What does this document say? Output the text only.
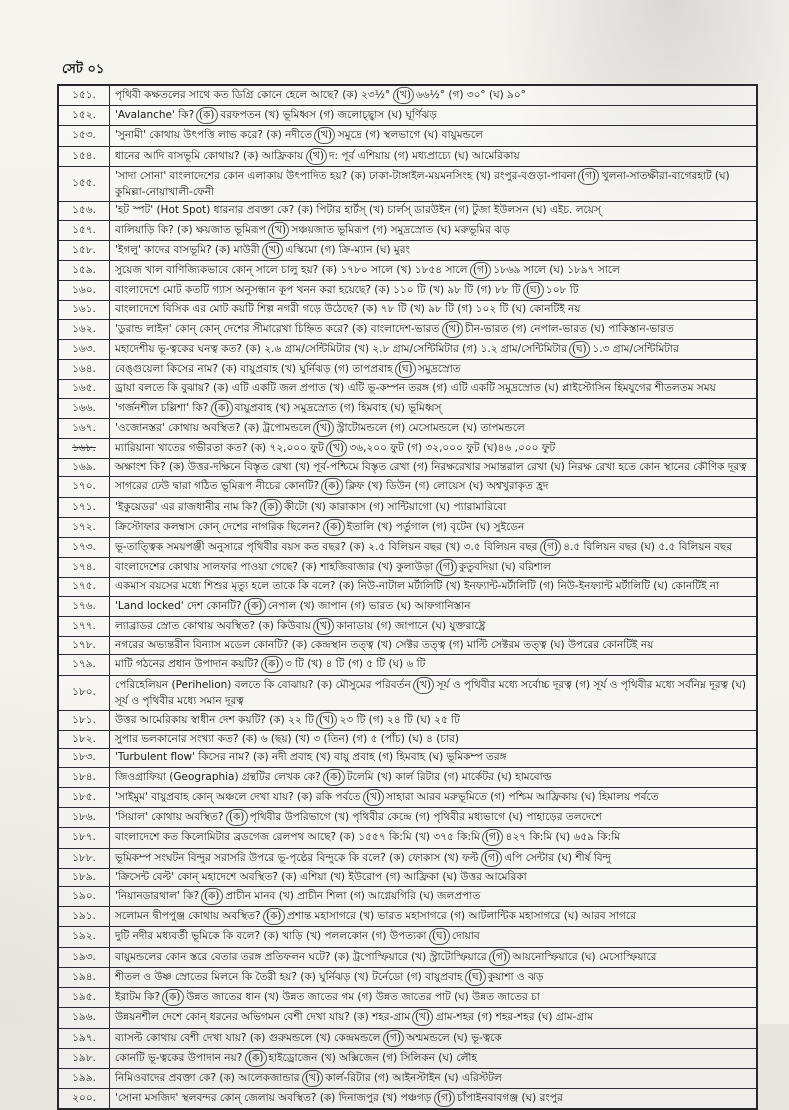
সেট ০১
১৫১.	পৃথিবী কক্ষতলের সাথে কত ডিগ্রি কোনে হেলে আছে? (ক) ২৩½° (খ) ৬৬½° (গ) ৩০° (ঘ) ৯০°
১৫২.	'Avalanche' কি? (ক) বরফপতন (খ) ভূমিধ্বস (গ) জলোচ্ছ্বাস (ঘ) ঘূর্ণিঝড়
১৫৩.	'সুনামী' কোথায় উৎপত্তি লাভ করে? (ক) নদীতে (খ) সমুদ্রে (গ) স্থলভাগে (ঘ) বায়ুমন্ডলে
১৫৪.	ধানের আদি বাসভূমি কোথায়? (ক) আফ্রিকায় (খ) দ: পূর্ব এশিয়ায় (গ) মধ্যপ্রাচ্যে (ঘ) আমেরিকায়
১৫৫.	'সাদা সোনা' বাংলাদেশের কোন এলাকায় উৎপাদিত হয়? (ক) ঢাকা-টাঙ্গাইল-ময়মনসিংহ (খ) রংপুর-বগুড়া-পাবনা (গ) খুলনা-সাতক্ষীরা-বাগেরহাট (ঘ) কুমিল্লা-নোয়াখালী-ফেনী
১৫৬.	'হট স্পট' (Hot Spot) ধারনার প্রবক্তা কে? (ক) পিটার হার্টস্ (খ) চার্লস্ ডারউইন (গ) টুজা ইউলসন (ঘ) এইচ. লয়েস্
১৫৭.	বালিয়াড়ি কি? (ক) ক্ষয়জাত ভূমিরূপ (খ) সঞ্চয়জাত ভূমিরূপ (গ) সমুদ্রস্রোত (ঘ) মরুভূমির ঝড়
১৫৮.	'ইগলু' কাদের বাসভূমি? (ক) মাউরী (খ) এস্কিমো (গ) ক্রি-ম্যান (ঘ) মুরং
১৫৯.	সুয়েজ খাল বাণিজ্যিকভাবে কোন্ সালে চালু হয়? (ক) ১৭৮০ সালে (খ) ১৮৫৪ সালে (গ) ১৮৬৯ সালে (ঘ) ১৮৯৭ সালে
১৬০.	বাংলাদেশে মোট কতটি গ্যাস অনুসন্ধান কূপ খনন করা হয়েছে? (ক) ১১০ টি (খ) ৯৮ টি (গ) ৮৮ টি (ঘ) ১০৮ টি
১৬১.	বাংলাদেশে বিসিক এর মোট কয়টি শিল্প নগরী গড়ে উঠেছে? (ক) ৭৮ টি (খ) ৯৮ টি (গ) ১০২ টি (ঘ) কোনটিই নয়
১৬২.	'ডুরান্ড লাইন' কোন্ কোন্ দেশের সীমারেখা চিহ্নিত করে? (ক) বাংলাদেশ-ভারত (খ) চীন-ভারত (গ) নেপাল-ভারত (ঘ) পাকিস্তান-ভারত
১৬৩.	মহাদেশীয় ভূ-ত্বকের ঘনত্ব কত? (ক) ২.৬ গ্রাম/সেন্টিমিটার (খ) ২.৮ গ্রাম/সেন্টিমিটার (গ) ১.২ গ্রাম/সেন্টিমিটার (ঘ) ১.৩ গ্রাম/সেন্টিমিটার
১৬৪.	বেঙ্গুয়েলা কিসের নাম? (ক) বায়ুপ্রবাহ (খ) ঘুর্নিঝড় (গ) তাপপ্রবাহ (ঘ) সমুদ্রস্রোত
১৬৫.	ড্রায়া বলতে কি বুঝায়? (ক) এটি একটি জল প্রপাত (খ) এটি ভূ-কম্পন তরঙ্গ (গ) এটি একটি সমুদ্রস্রোত (ঘ) প্লাইস্টোসিন হিমযুগের শীতলতম সময়
১৬৬.	'গর্জনশীল চল্লিশা' কি? (ক) বায়ুপ্রবাহ (খ) সমুদ্রস্রোত (গ) হিমবাহ (ঘ) ভূমিধ্বস্
১৬৭.	'ওজোনস্তর' কোথায় অবস্থিত? (ক) ট্রপোমন্ডলে (খ) স্ট্রাটোমন্ডলে (গ) মেসোমন্ডলে (ঘ) তাপমন্ডলে
১৬৮.	ম্যারিয়ানা খাতের গভীরতা কত? (ক) ৭২,০০০ ফুট (খ) ৩৬,২০০ ফুট (গ) ৩২,০০০ ফুট (ঘ)৪৬ ,০০০ ফুট
১৬৯.	অক্ষাংশ কি? (ক) উত্তর-দক্ষিনে বিস্তৃত রেখা (খ) পূর্ব-পশ্চিমে বিস্তৃত রেখা (গ) নিরক্ষরেখার সমান্তরাল রেখা (ঘ) নিরক্ষ রেখা হতে কোন স্থানের কৌণিক দূরত্ব
১৭০.	সাগরের ঢেউ দ্বারা গঠিত ভূমিরূপ নীচের কোনটি? (ক) ক্লিফ (খ) ডিউন (গ) লোয়েস (ঘ) অশ্বখুরাকৃত হ্রদ
১৭১.	'ইকুয়েডর' এর রাজধানীর নাম কি? (ক) কীটো (খ) কারাকাস (গ) সান্টিয়াগো (ঘ) প্যারামারিবো
১৭২.	ক্রিস্টোফার কলম্বাস কোন্ দেশের নাগরিক ছিলেন? (ক) ইতালি (খ) পর্তুগাল (গ) বৃটেন (ঘ) সুইডেন
১৭৩.	ভূ-তাত্ত্বিক সময়পঞ্জী অনুসারে পৃথিবীর বয়স কত বছর? (ক) ২.৫ বিলিয়ন বছর (খ) ৩.৫ বিলিয়ন বছর (গ) ৪.৫ বিলিয়ন বছর (ঘ) ৫.৫ বিলিয়ন বছর
১৭৪.	বাংলাদেশের কোথায় সালফার পাওয়া গেছে? (ক) শাহজিবাজার (খ) কুলাউড়া (গ) কুতুবদিয়া (ঘ) বরিশাল
১৭৫.	একমাস বয়সের মধ্যে শিশুর মৃত্যু হলে তাকে কি বলে? (ক) নিউ-নাটাল মর্টালিটি (খ) ইনফ্যান্ট-মর্টালিটি (গ) নিউ-ইনফ্যান্ট মর্টালিটি (ঘ) কোনটিই না
১৭৬.	'Land locked' দেশ কোনটি? (ক) নেপাল (খ) জাপান (গ) ভারত (ঘ) আফগানিস্তান
১৭৭.	ল্যাব্রাডর স্রোত কোথায় অবস্থিত? (ক) কিউবায় (খ) কানাডায় (গ) জাপানে (ঘ) যুক্তরাষ্ট্রে
১৭৮.	নগরের অভ্যন্তরীন বিন্যাস মডেল কোনটি? (ক) কেন্দ্রস্থান তত্ত্ব (খ) সেক্টর তত্ত্ব (গ) মাল্টি সেক্টরম তত্ত্ব (ঘ) উপরের কোনটিই নয়
১৭৯.	মাটি গঠনের প্রধান উপাদান কয়টি? (ক) ৩ টি (খ) ৪ টি (গ) ৫ টি (ঘ) ৬ টি
১৮০.	পেরিহেলিয়ন (Perihelion) বলতে কি বোঝায়? (ক) মৌসুমের পরিবর্তন (খ) সূর্য ও পৃথিবীর মধ্যে সর্বোচ্চ দূরত্ব (গ) সূর্য ও পৃথিবীর মধ্যে সর্বনিম্ন দূরত্ব (ঘ) সূর্য ও পৃথিবীর মধ্যে সমান দূরত্ব
১৮১.	উত্তর আমেরিকায় স্বাধীন দেশ কয়টি? (ক) ২২ টি (খ) ২৩ টি (গ) ২৪ টি (ঘ) ২৫ টি
১৮২.	সুপার ভলকানোর সংখ্যা কত? (ক) ৬ (ছয়) (খ) ৩ (তিন) (গ) ৫ (পাঁচ) (ঘ) ৪ (চার)
১৮৩.	'Turbulent flow' কিসের নাম? (ক) নদী প্রবাহ (খ) বায়ু প্রবাহ (গ) হিমবাহ (ঘ) ভূমিকম্প তরঙ্গ
১৮৪.	জিওগ্রাফিয়া (Geographia) গ্রন্থটির লেখক কে? (ক) টলেমি (খ) কার্ল রিটার (গ) মার্কেটর (ঘ) হামবোল্ড
১৮৫.	'সাইমুম' বায়ুপ্রবাহ কোন্ অঞ্চলে দেখা যায়? (ক) রকি পর্বতে (খ) সাহারা আরব মরুভূমিতে (গ) পশ্চিম আফ্রিকায় (ঘ) হিমালয় পর্বতে
১৮৬.	'সিয়াল' কোথায় অবস্থিত? (ক) পৃথিবীর উপরিভাগে (খ) পৃথিবীর কেন্দ্রে (গ) পৃথিবীর মধ্যভাগে (ঘ) পাহাড়ের তলদেশে
১৮৭.	বাংলাদেশে কত কিলোমিটার ব্রডগেজ রেলপথ আছে? (ক) ১৫৫৭ কি:মি (খ) ৩৭৫ কি:মি (গ) ৪২৭ কি:মি (ঘ) ৬৫৯ কি:মি
১৮৮.	ভূমিকম্প সংঘটন বিন্দুর সরাসরি উপরে ভূ-পৃষ্ঠের বিন্দুকে কি বলে? (ক) ফোকাস (খ) ফল্ট (গ) এপি সেন্টার (ঘ) শীর্ষ বিন্দু
১৮৯.	'ক্রিসেন্ট বেল্ট' কোন্ মহাদেশে অবস্থিত? (ক) এশিয়া (খ) ইউরোপ (গ) আফ্রিকা (ঘ) উত্তর আমেরিকা
১৯০.	'নিয়ানডারথাল' কি? (ক) প্রাচীন মানব (খ) প্রাচীন শিলা (গ) আগ্নেয়গিরি (ঘ) জলপ্রপাত
১৯১.	সলোমন দ্বীপপুঞ্জ কোথায় অবস্থিত? (ক) প্রশান্ত মহাসাগরে (খ) ভারত মহাসাগরে (গ) আটলান্টিক মহাসাগরে (ঘ) আরব সাগরে
১৯২.	দুটি নদীর মধ্যবর্তী ভূমিকে কি বলে? (ক) খাড়ি (খ) পললকোন (গ) উপত্যকা (ঘ) দোয়াব
১৯৩.	বায়ুমন্ডলের কোন স্তরে বেতার তরঙ্গ প্রতিফলন ঘটে? (ক) ট্রপোস্ফিয়ারে (খ) স্ট্রাটোস্ফিয়ারে (গ) আয়নোস্ফিয়ারে (ঘ) মেসোস্ফিয়ারে
১৯৪.	শীতল ও উষ্ণ স্রোতের মিলনে কি তৈরী হয়? (ক) ঘুর্নিঝড় (খ) টর্নেডো (গ) বায়ুপ্রবাহ (ঘ) কুয়াশা ও ঝড়
১৯৫.	ইরাটম কি? (ক) উন্নত জাতের ধান (খ) উন্নত জাতের গম (গ) উন্নত জাতের পাট (ঘ) উন্নত জাতের চা
১৯৬.	উন্নয়নশীল দেশে কোন্ ধরনের অভিগমন বেশী দেখা যায়? (ক) শহর-গ্রাম (খ) গ্রাম-শহর (গ) শহর-শহর (ঘ) গ্রাম-গ্রাম
১৯৭.	ব্যাসল্ট কোথায় বেশী দেখা যায়? (ক) গুরুমন্ডলে (খ) কেন্দ্রমন্ডলে (গ) অশ্মমন্ডলে (ঘ) ভূ-ত্বকে
১৯৮.	কোনটি ভূ-ত্বকের উপাদান নয়? (ক) হাইড্রোজেন (খ) অক্সিজেন (গ) সিলিকন (ঘ) লৌহ
১৯৯.	নিমিওবাদের প্রবক্তা কে? (ক) আলেকজান্ডার (খ) কার্ল-রিটার (গ) আইনস্টাইন (ঘ) এরিস্টটল
২০০.	'সোনা মসজিদ' স্থলবন্দর কোন্ জেলায় অবস্থিত? (ক) দিনাজপুর (খ) পঞ্চগড় (গ) চাঁপাইনবাবগঞ্জ (ঘ) রংপুর
